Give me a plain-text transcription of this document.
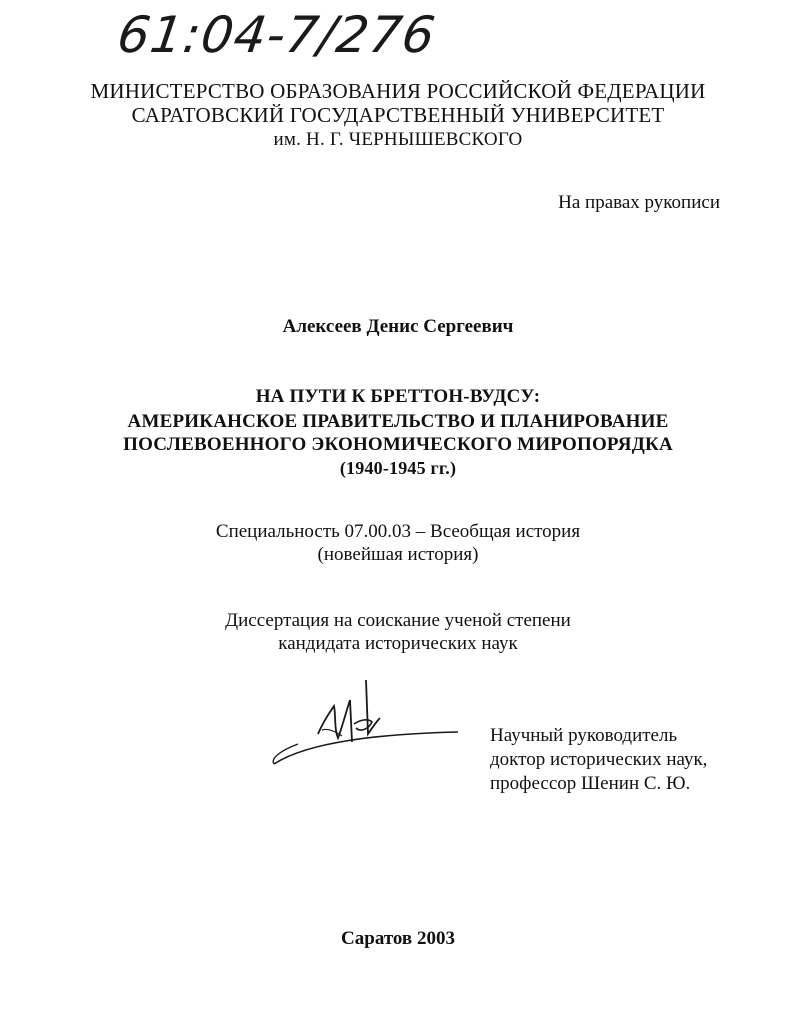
61:04-7/276
МИНИСТЕРСТВО ОБРАЗОВАНИЯ РОССИЙСКОЙ ФЕДЕРАЦИИ
САРАТОВСКИЙ ГОСУДАРСТВЕННЫЙ УНИВЕРСИТЕТ
им. Н. Г. ЧЕРНЫШЕВСКОГО
На правах рукописи
Алексеев Денис Сергеевич
НА ПУТИ К БРЕТТОН-ВУДСУ:
АМЕРИКАНСКОЕ ПРАВИТЕЛЬСТВО И ПЛАНИРОВАНИЕ
ПОСЛЕВОЕННОГО ЭКОНОМИЧЕСКОГО МИРОПОРЯДКА
(1940-1945 гг.)
Специальность 07.00.03 – Всеобщая история
(новейшая история)
Диссертация на соискание ученой степени
кандидата исторических наук
Научный руководитель
доктор исторических наук,
профессор Шенин С. Ю.
Саратов 2003
